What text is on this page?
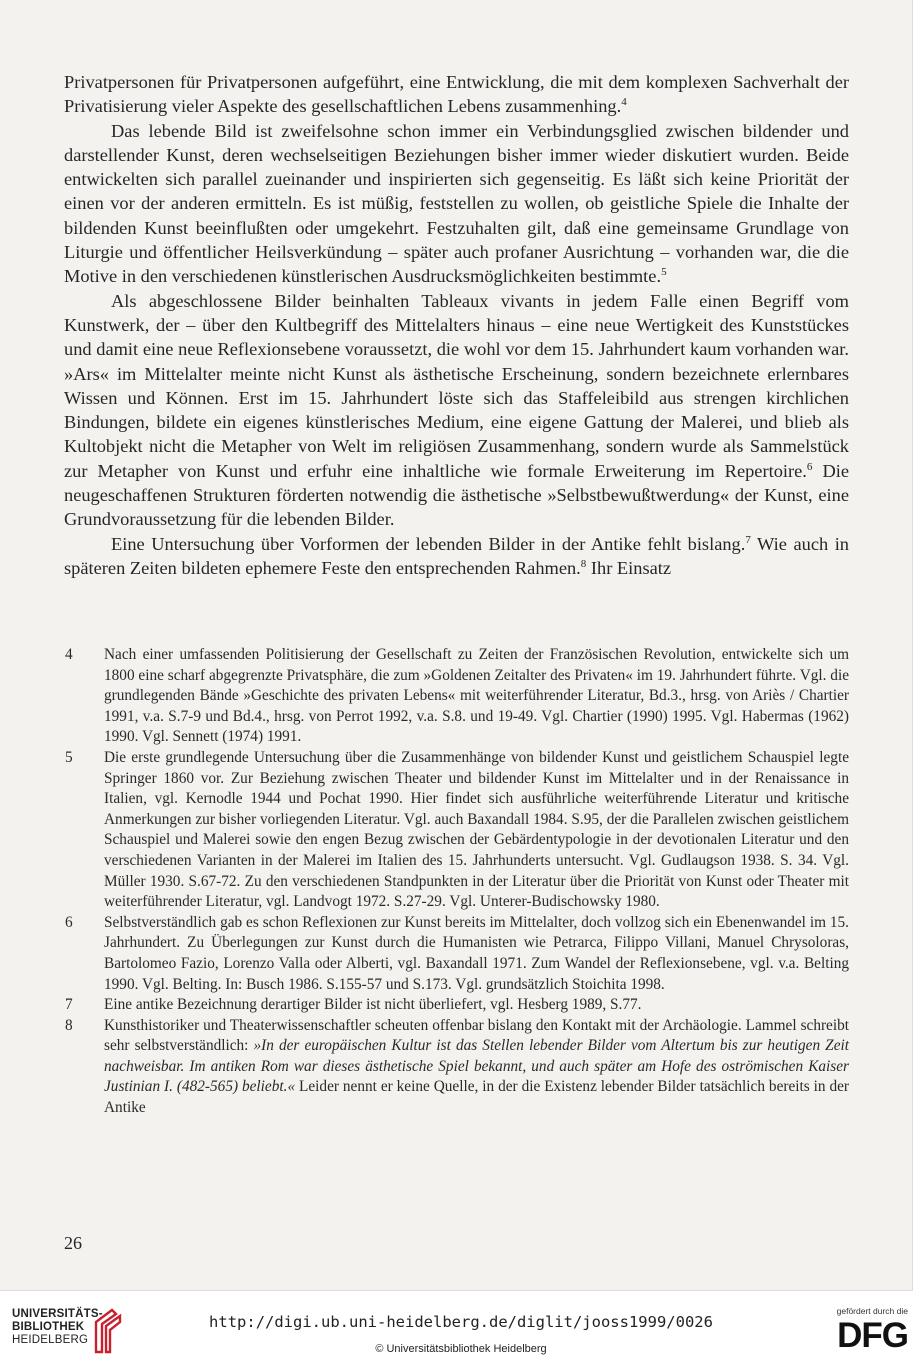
Privatpersonen für Privatpersonen aufgeführt, eine Entwicklung, die mit dem komplexen Sachverhalt der Privatisierung vieler Aspekte des gesellschaftlichen Lebens zusammenhing.$^4$

Das lebende Bild ist zweifelsohne schon immer ein Verbindungsglied zwischen bildender und darstellender Kunst, deren wechselseitigen Beziehungen bisher immer wieder diskutiert wurden. Beide entwickelten sich parallel zueinander und inspirierten sich gegenseitig. Es läßt sich keine Priorität der einen vor der anderen ermitteln. Es ist müßig, feststellen zu wollen, ob geistliche Spiele die Inhalte der bildenden Kunst beeinflußten oder umgekehrt. Festzuhalten gilt, daß eine gemeinsame Grundlage von Liturgie und öffentlicher Heilsverkündung – später auch profaner Ausrichtung – vorhanden war, die die Motive in den verschiedenen künstlerischen Ausdrucksmöglichkeiten bestimmte.$^5$

Als abgeschlossene Bilder beinhalten Tableaux vivants in jedem Falle einen Begriff vom Kunstwerk, der – über den Kultbegriff des Mittelalters hinaus – eine neue Wertigkeit des Kunststückes und damit eine neue Reflexionsebene voraussetzt, die wohl vor dem 15. Jahrhundert kaum vorhanden war. »Ars« im Mittelalter meinte nicht Kunst als ästhetische Erscheinung, sondern bezeichnete erlernbares Wissen und Können. Erst im 15. Jahrhundert löste sich das Staffeleibild aus strengen kirchlichen Bindungen, bildete ein eigenes künstlerisches Medium, eine eigene Gattung der Malerei, und blieb als Kultobjekt nicht die Metapher von Welt im religiösen Zusammenhang, sondern wurde als Sammelstück zur Metapher von Kunst und erfuhr eine inhaltliche wie formale Erweiterung im Repertoire.$^6$ Die neugeschaffenen Strukturen förderten notwendig die ästhetische »Selbstbewußtwerdung« der Kunst, eine Grundvoraussetzung für die lebenden Bilder.

Eine Untersuchung über Vorformen der lebenden Bilder in der Antike fehlt bislang.$^7$ Wie auch in späteren Zeiten bildeten ephemere Feste den entsprechenden Rahmen.$^8$ Ihr Einsatz

4	Nach einer umfassenden Politisierung der Gesellschaft zu Zeiten der Französischen Revolution, entwickelte sich um 1800 eine scharf abgegrenzte Privatsphäre, die zum »Goldenen Zeitalter des Privaten« im 19. Jahrhundert führte. Vgl. die grundlegenden Bände »Geschichte des privaten Lebens« mit weiterführender Literatur, Bd.3., hrsg. von Ariès / Chartier 1991, v.a. S.7-9 und Bd.4., hrsg. von Perrot 1992, v.a. S.8. und 19-49. Vgl. Chartier (1990) 1995. Vgl. Habermas (1962) 1990. Vgl. Sennett (1974) 1991.
5	Die erste grundlegende Untersuchung über die Zusammenhänge von bildender Kunst und geistlichem Schauspiel legte Springer 1860 vor. Zur Beziehung zwischen Theater und bildender Kunst im Mittelalter und in der Renaissance in Italien, vgl. Kernodle 1944 und Pochat 1990. Hier findet sich ausführliche weiterführende Literatur und kritische Anmerkungen zur bisher vorliegenden Literatur. Vgl. auch Baxandall 1984. S.95, der die Parallelen zwischen geistlichem Schauspiel und Malerei sowie den engen Bezug zwischen der Gebärdentypologie in der devotionalen Literatur und den verschiedenen Varianten in der Malerei im Italien des 15. Jahrhunderts untersucht. Vgl. Gudlaugson 1938. S. 34. Vgl. Müller 1930. S.67-72. Zu den verschiedenen Standpunkten in der Literatur über die Priorität von Kunst oder Theater mit weiterführender Literatur, vgl. Landvogt 1972. S.27-29. Vgl. Unterer-Budischowsky 1980.
6	Selbstverständlich gab es schon Reflexionen zur Kunst bereits im Mittelalter, doch vollzog sich ein Ebenenwandel im 15. Jahrhundert. Zu Überlegungen zur Kunst durch die Humanisten wie Petrarca, Filippo Villani, Manuel Chrysoloras, Bartolomeo Fazio, Lorenzo Valla oder Alberti, vgl. Baxandall 1971. Zum Wandel der Reflexionsebene, vgl. v.a. Belting 1990. Vgl. Belting. In: Busch 1986. S.155-57 und S.173. Vgl. grundsätzlich Stoichita 1998.
7	Eine antike Bezeichnung derartiger Bilder ist nicht überliefert, vgl. Hesberg 1989, S.77.
8	Kunsthistoriker und Theaterwissenschaftler scheuten offenbar bislang den Kontakt mit der Archäologie. Lammel schreibt sehr selbstverständlich: »In der europäischen Kultur ist das Stellen lebender Bilder vom Altertum bis zur heutigen Zeit nachweisbar. Im antiken Rom war dieses ästhetische Spiel bekannt, und auch später am Hofe des oströmischen Kaiser Justinian I. (482-565) beliebt.« Leider nennt er keine Quelle, in der die Existenz lebender Bilder tatsächlich bereits in der Antike
26
UNIVERSITÄTS-
BIBLIOTHEK
HEIDELBERG
http://digi.ub.uni-heidelberg.de/diglit/jooss1999/0026
© Universitätsbibliothek Heidelberg
gefördert durch die
DFG
